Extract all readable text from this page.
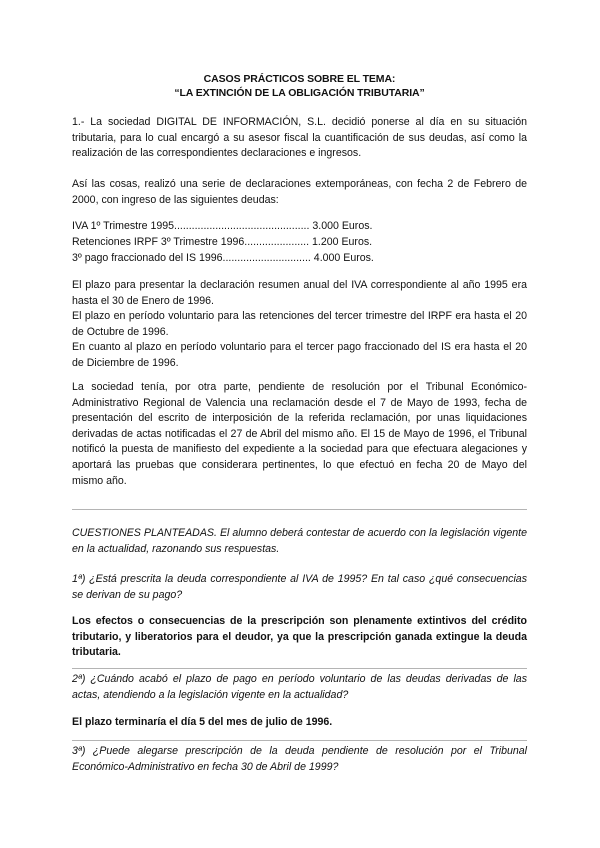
CASOS PRÁCTICOS SOBRE EL TEMA:
“LA EXTINCIÓN DE LA OBLIGACIÓN TRIBUTARIA”

1.- La sociedad DIGITAL DE INFORMACIÓN, S.L. decidió ponerse al día en su situación tributaria, para lo cual encargó a su asesor fiscal la cuantificación de sus deudas, así como la realización de las correspondientes declaraciones e ingresos.

Así las cosas, realizó una serie de declaraciones extemporáneas, con fecha 2 de Febrero de 2000, con ingreso de las siguientes deudas:

IVA 1º Trimestre 1995.............................................. 3.000 Euros.
Retenciones IRPF 3º Trimestre 1996...................... 1.200 Euros.
3º pago fraccionado del IS 1996.............................. 4.000 Euros.

El plazo para presentar la declaración resumen anual del IVA correspondiente al año 1995 era hasta el 30 de Enero de 1996.

El plazo en período voluntario para las retenciones del tercer trimestre del IRPF era hasta el 20 de Octubre de 1996.

En cuanto al plazo en período voluntario para el tercer pago fraccionado del IS era hasta el 20 de Diciembre de 1996.

La sociedad tenía, por otra parte, pendiente de resolución por el Tribunal Económico-Administrativo Regional de Valencia una reclamación desde el 7 de Mayo de 1993, fecha de presentación del escrito de interposición de la referida reclamación, por unas liquidaciones derivadas de actas notificadas el 27 de Abril del mismo año. El 15 de Mayo de 1996, el Tribunal notificó la puesta de manifiesto del expediente a la sociedad para que efectuara alegaciones y aportará las pruebas que considerara pertinentes, lo que efectuó en fecha 20 de Mayo del mismo año.

CUESTIONES PLANTEADAS. El alumno deberá contestar de acuerdo con la legislación vigente en la actualidad, razonando sus respuestas.

1ª) ¿Está prescrita la deuda correspondiente al IVA de 1995? En tal caso ¿qué consecuencias se derivan de su pago?

Los efectos o consecuencias de la prescripción son plenamente extintivos del crédito tributario, y liberatorios para el deudor, ya que la prescripción ganada extingue la deuda tributaria.

2ª) ¿Cuándo acabó el plazo de pago en período voluntario de las deudas derivadas de las actas, atendiendo a la legislación vigente en la actualidad?

El plazo terminaría el día 5 del mes de julio de 1996.

3ª) ¿Puede alegarse prescripción de la deuda pendiente de resolución por el Tribunal Económico-Administrativo en fecha 30 de Abril de 1999?
